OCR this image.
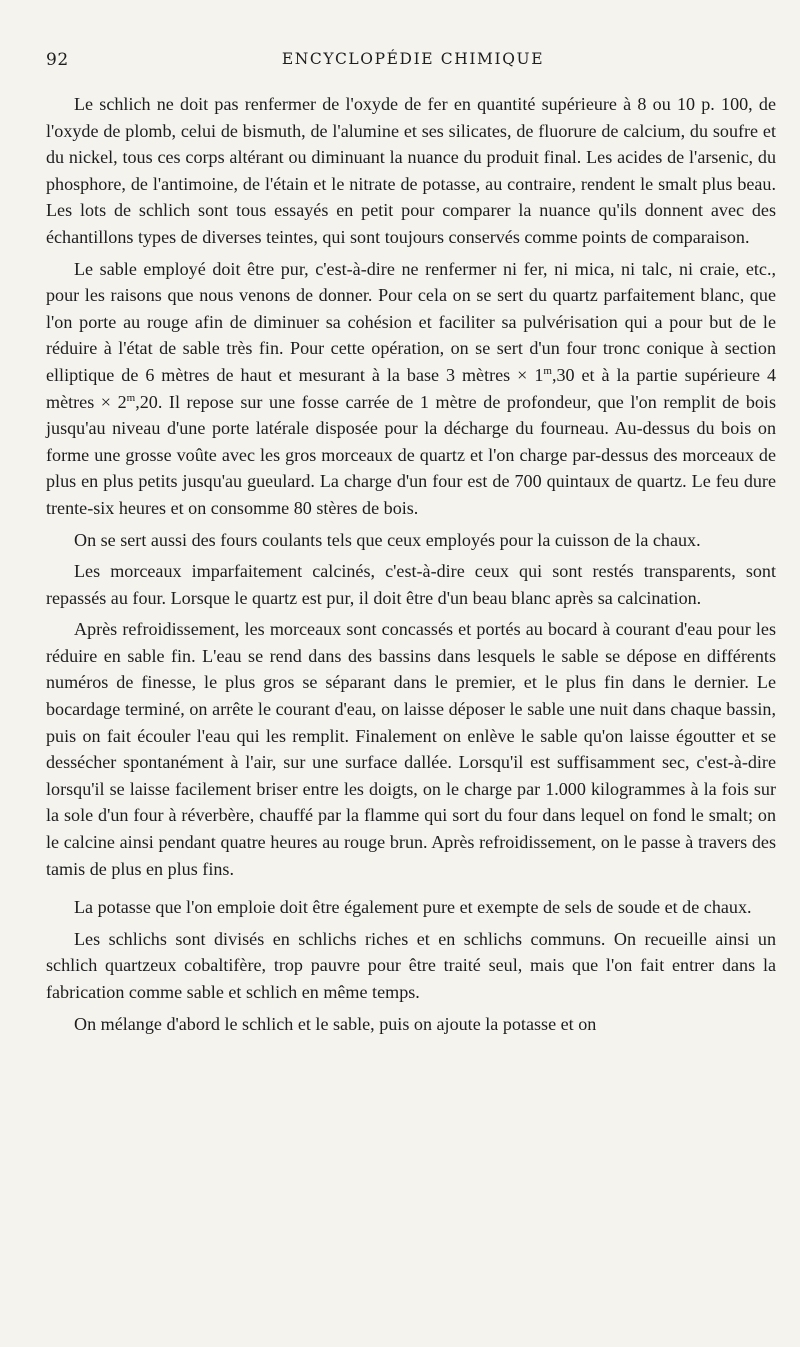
92	ENCYCLOPÉDIE CHIMIQUE

Le schlich ne doit pas renfermer de l'oxyde de fer en quantité supérieure à 8 ou 10 p. 100, de l'oxyde de plomb, celui de bismuth, de l'alumine et ses silicates, de fluorure de calcium, du soufre et du nickel, tous ces corps altérant ou diminuant la nuance du produit final. Les acides de l'arsenic, du phosphore, de l'antimoine, de l'étain et le nitrate de potasse, au contraire, rendent le smalt plus beau. Les lots de schlich sont tous essayés en petit pour comparer la nuance qu'ils donnent avec des échantillons types de diverses teintes, qui sont toujours conservés comme points de comparaison.

Le sable employé doit être pur, c'est-à-dire ne renfermer ni fer, ni mica, ni talc, ni craie, etc., pour les raisons que nous venons de donner. Pour cela on se sert du quartz parfaitement blanc, que l'on porte au rouge afin de diminuer sa cohésion et faciliter sa pulvérisation qui a pour but de le réduire à l'état de sable très fin. Pour cette opération, on se sert d'un four tronc conique à section elliptique de 6 mètres de haut et mesurant à la base 3 mètres × $1^m,30$ et à la partie supérieure 4 mètres × $2^m,20$. Il repose sur une fosse carrée de 1 mètre de profondeur, que l'on remplit de bois jusqu'au niveau d'une porte latérale disposée pour la décharge du fourneau. Au-dessus du bois on forme une grosse voûte avec les gros morceaux de quartz et l'on charge par-dessus des morceaux de plus en plus petits jusqu'au gueulard. La charge d'un four est de 700 quintaux de quartz. Le feu dure trente-six heures et on consomme 80 stères de bois.

On se sert aussi des fours coulants tels que ceux employés pour la cuisson de la chaux.

Les morceaux imparfaitement calcinés, c'est-à-dire ceux qui sont restés transparents, sont repassés au four. Lorsque le quartz est pur, il doit être d'un beau blanc après sa calcination.

Après refroidissement, les morceaux sont concassés et portés au bocard à courant d'eau pour les réduire en sable fin. L'eau se rend dans des bassins dans lesquels le sable se dépose en différents numéros de finesse, le plus gros se séparant dans le premier, et le plus fin dans le dernier. Le bocardage terminé, on arrête le courant d'eau, on laisse déposer le sable une nuit dans chaque bassin, puis on fait écouler l'eau qui les remplit. Finalement on enlève le sable qu'on laisse égoutter et se dessécher spontanément à l'air, sur une surface dallée. Lorsqu'il est suffisamment sec, c'est-à-dire lorsqu'il se laisse facilement briser entre les doigts, on le charge par 1.000 kilogrammes à la fois sur la sole d'un four à réverbère, chauffé par la flamme qui sort du four dans lequel on fond le smalt; on le calcine ainsi pendant quatre heures au rouge brun. Après refroidissement, on le passe à travers des tamis de plus en plus fins.

La potasse que l'on emploie doit être également pure et exempte de sels de soude et de chaux.

Les schlichs sont divisés en schlichs riches et en schlichs communs. On recueille ainsi un schlich quartzeux cobaltifère, trop pauvre pour être traité seul, mais que l'on fait entrer dans la fabrication comme sable et schlich en même temps.

On mélange d'abord le schlich et le sable, puis on ajoute la potasse et on
